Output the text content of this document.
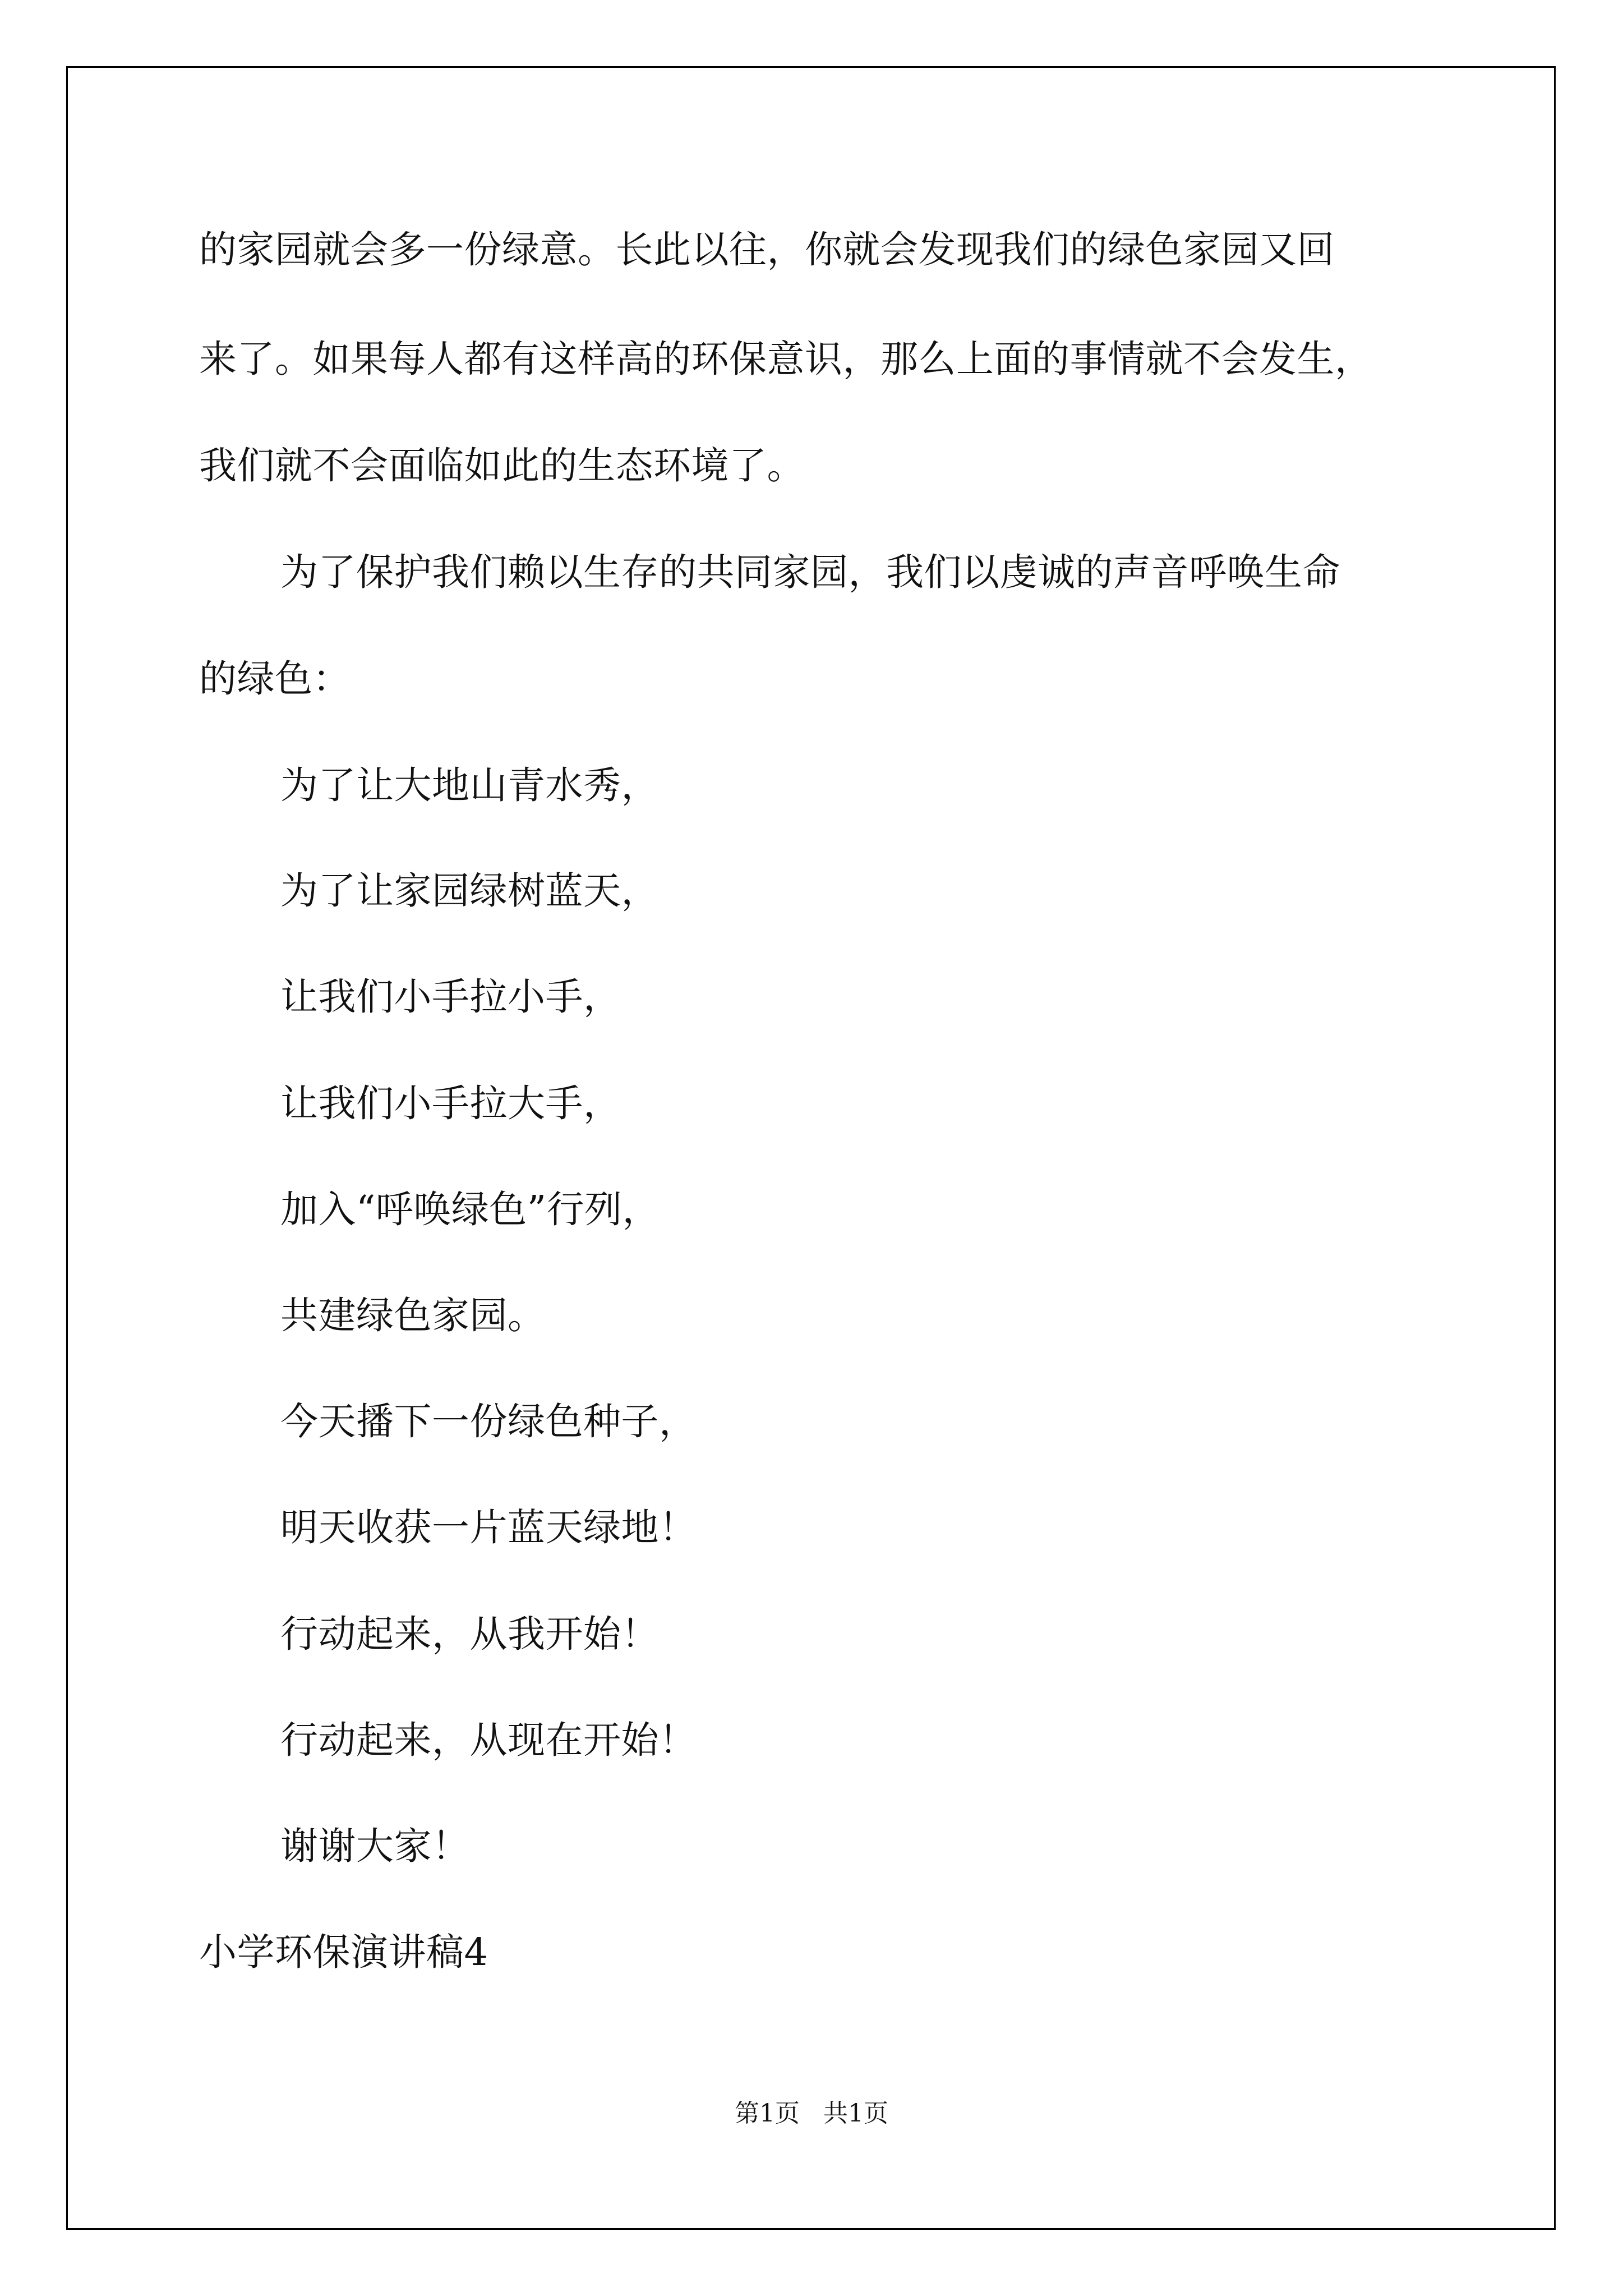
的家园就会多一份绿意。长此以往，你就会发现我们的绿色家园又回
来了。如果每人都有这样高的环保意识，那么上面的事情就不会发生，
我们就不会面临如此的生态环境了。
为了保护我们赖以生存的共同家园，我们以虔诚的声音呼唤生命
的绿色：
为了让大地山青水秀，
为了让家园绿树蓝天，
让我们小手拉小手，
让我们小手拉大手，
加入“呼唤绿色”行列，
共建绿色家园。
今天播下一份绿色种子，
明天收获一片蓝天绿地！
行动起来，从我开始！
行动起来，从现在开始！
谢谢大家！
小学环保演讲稿4
第1页   共1页
